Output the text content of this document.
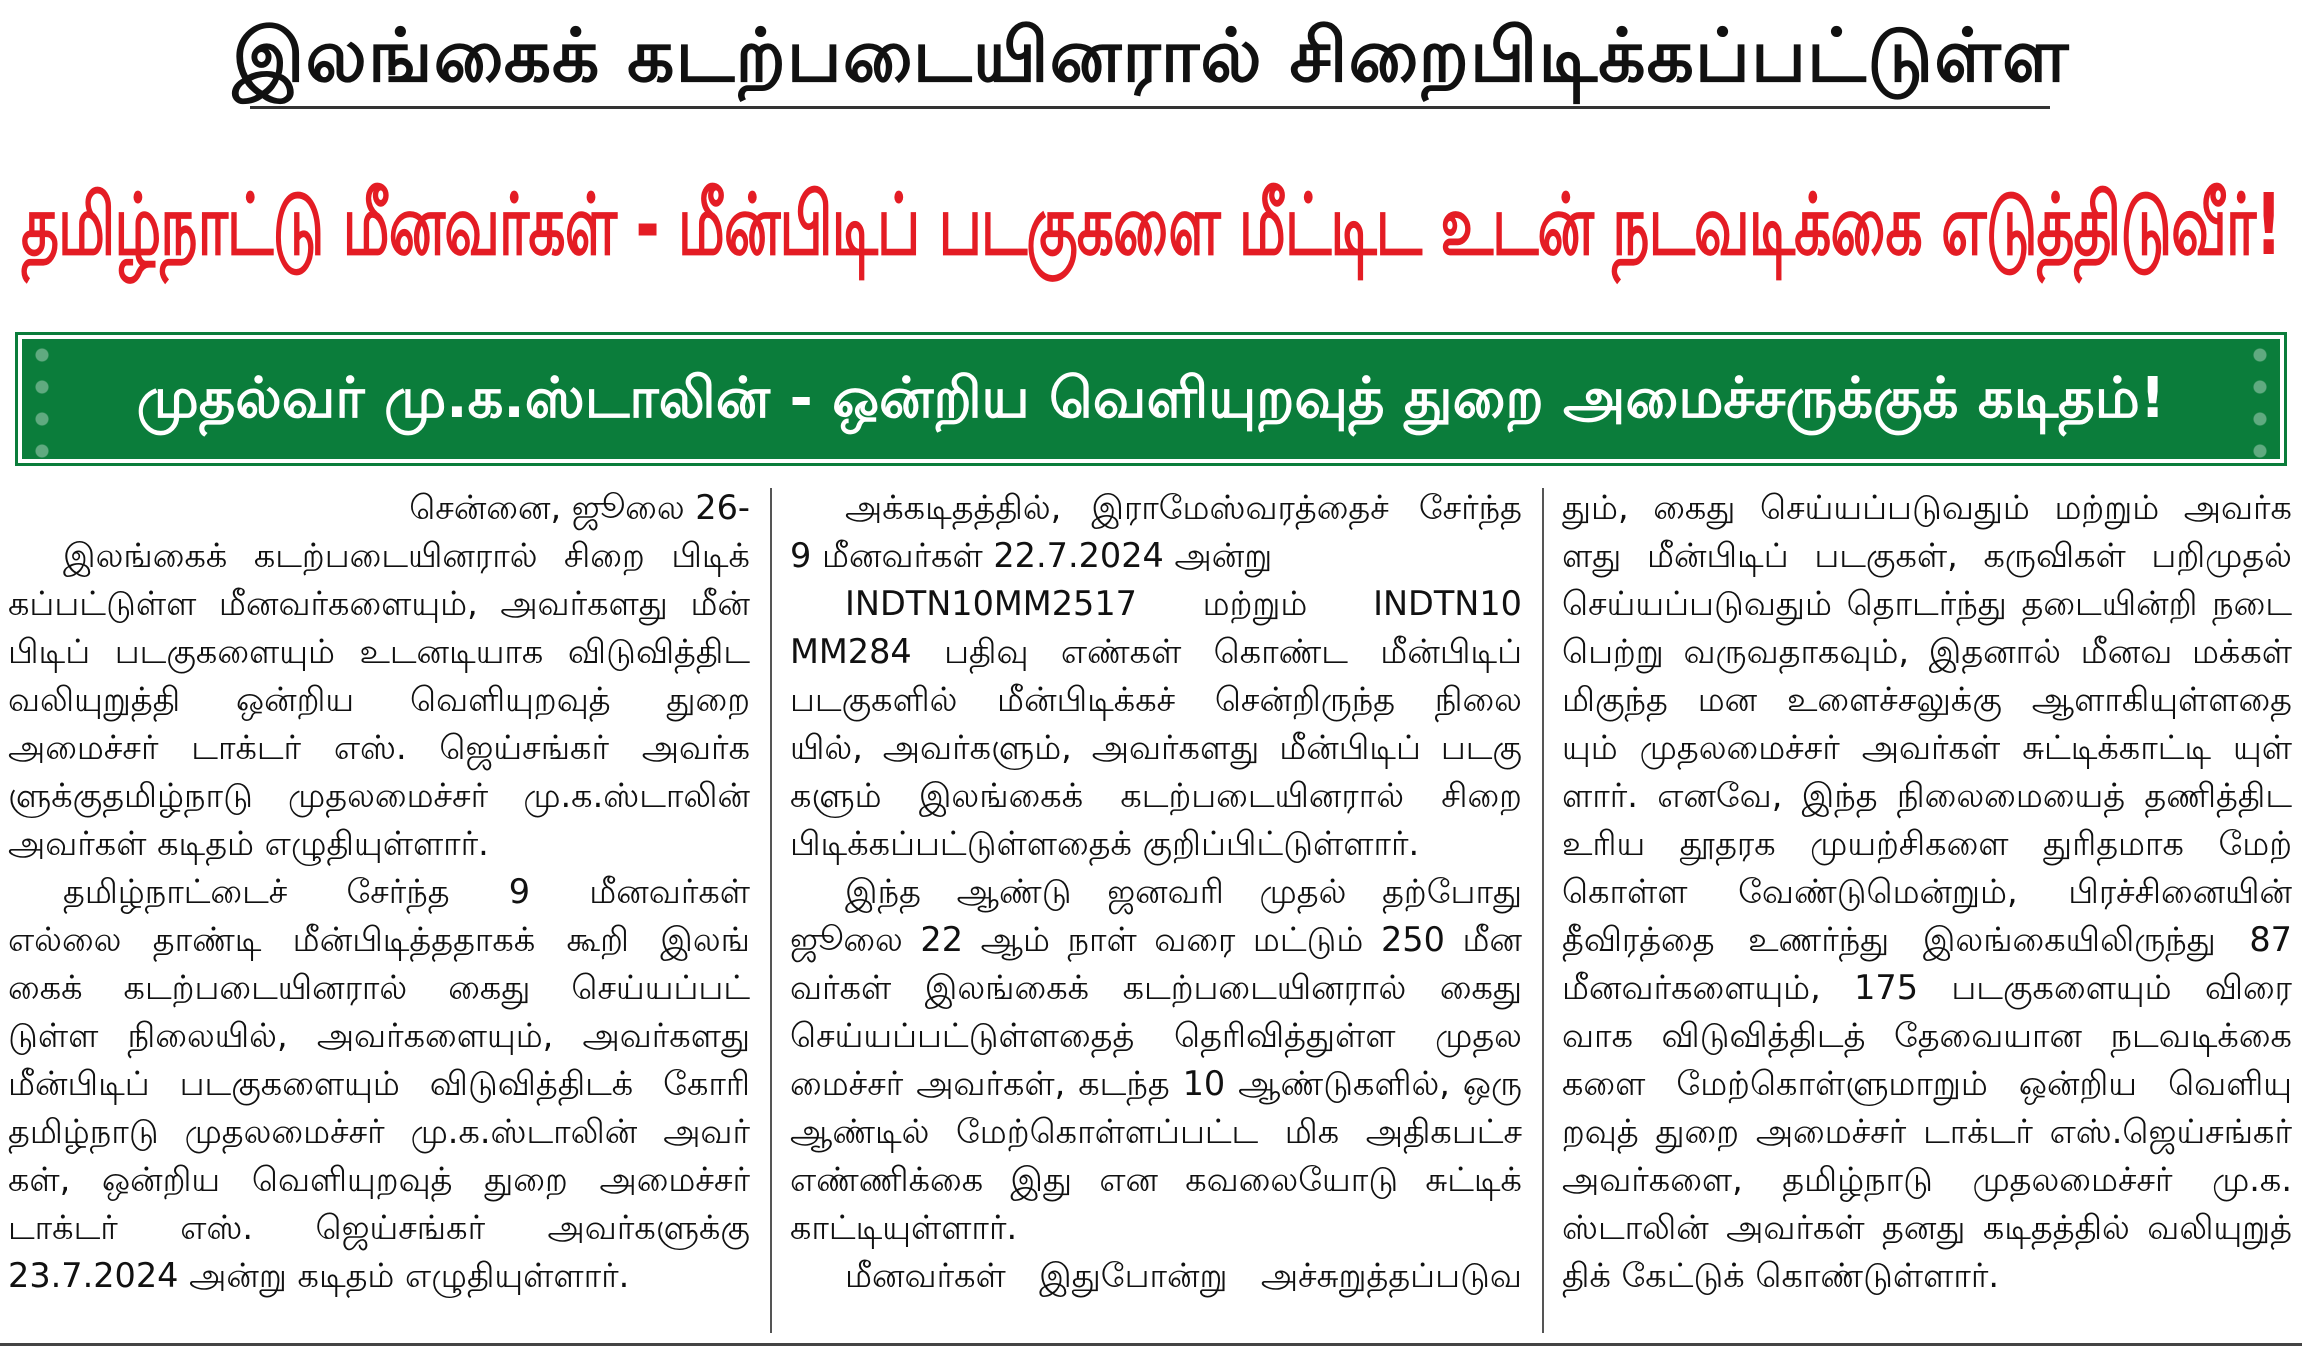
இலங்கைக் கடற்படையினரால் சிறைபிடிக்கப்பட்டுள்ள
தமிழ்நாட்டு மீனவர்கள் - மீன்பிடிப் படகுகளை மீட்டிட உடன் நடவடிக்கை எடுத்திடுவீர்!
முதல்வர் மு.க.ஸ்டாலின் - ஒன்றிய வெளியுறவுத் துறை அமைச்சருக்குக் கடிதம்!
சென்னை, ஜூலை 26-
இலங்கைக் கடற்படையினரால் சிறை பிடிக்
கப்பட்டுள்ள மீனவர்களையும், அவர்களது மீன்
பிடிப் படகுகளையும் உடனடியாக விடுவித்திட
வலியுறுத்தி ஒன்றிய வெளியுறவுத் துறை
அமைச்சர் டாக்டர் எஸ். ஜெய்சங்கர் அவர்க
ளுக்குதமிழ்நாடு முதலமைச்சர் மு.க.ஸ்டாலின்
அவர்கள் கடிதம் எழுதியுள்ளார்.
தமிழ்நாட்டைச் சேர்ந்த 9 மீனவர்கள்
எல்லை தாண்டி மீன்பிடித்ததாகக் கூறி இலங்
கைக் கடற்படையினரால் கைது செய்யப்பட்
டுள்ள நிலையில், அவர்களையும், அவர்களது
மீன்பிடிப் படகுகளையும் விடுவித்திடக் கோரி
தமிழ்நாடு முதலமைச்சர் மு.க.ஸ்டாலின் அவர்
கள், ஒன்றிய வெளியுறவுத் துறை அமைச்சர்
டாக்டர் எஸ். ஜெய்சங்கர் அவர்களுக்கு
23.7.2024 அன்று கடிதம் எழுதியுள்ளார்.
அக்கடிதத்தில், இராமேஸ்வரத்தைச் சேர்ந்த
9 மீனவர்கள் 22.7.2024 அன்று
INDTN10MM2517 மற்றும் INDTN10
MM284 பதிவு எண்கள் கொண்ட மீன்பிடிப்
படகுகளில் மீன்பிடிக்கச் சென்றிருந்த நிலை
யில், அவர்களும், அவர்களது மீன்பிடிப் படகு
களும் இலங்கைக் கடற்படையினரால் சிறை
பிடிக்கப்பட்டுள்ளதைக் குறிப்பிட்டுள்ளார்.
இந்த ஆண்டு ஜனவரி முதல் தற்போது
ஜூலை 22 ஆம் நாள் வரை மட்டும் 250 மீன
வர்கள் இலங்கைக் கடற்படையினரால் கைது
செய்யப்பட்டுள்ளதைத் தெரிவித்துள்ள முதல
மைச்சர் அவர்கள், கடந்த 10 ஆண்டுகளில், ஒரு
ஆண்டில் மேற்கொள்ளப்பட்ட மிக அதிகபட்ச
எண்ணிக்கை இது என கவலையோடு சுட்டிக்
காட்டியுள்ளார்.
மீனவர்கள் இதுபோன்று அச்சுறுத்தப்படுவ
தும், கைது செய்யப்படுவதும் மற்றும் அவர்க
ளது மீன்பிடிப் படகுகள், கருவிகள் பறிமுதல்
செய்யப்படுவதும் தொடர்ந்து தடையின்றி நடை
பெற்று வருவதாகவும், இதனால் மீனவ மக்கள்
மிகுந்த மன உளைச்சலுக்கு ஆளாகியுள்ளதை
யும் முதலமைச்சர் அவர்கள் சுட்டிக்காட்டி யுள்
ளார். எனவே, இந்த நிலைமையைத் தணித்திட
உரிய தூதரக முயற்சிகளை துரிதமாக மேற்
கொள்ள வேண்டுமென்றும், பிரச்சினையின்
தீவிரத்தை உணர்ந்து இலங்கையிலிருந்து 87
மீனவர்களையும், 175 படகுகளையும் விரை
வாக விடுவித்திடத் தேவையான நடவடிக்கை
களை மேற்கொள்ளுமாறும் ஒன்றிய வெளியு
றவுத் துறை அமைச்சர் டாக்டர் எஸ்.ஜெய்சங்கர்
அவர்களை, தமிழ்நாடு முதலமைச்சர் மு.க.
ஸ்டாலின் அவர்கள் தனது கடிதத்தில் வலியுறுத்
திக் கேட்டுக் கொண்டுள்ளார்.
